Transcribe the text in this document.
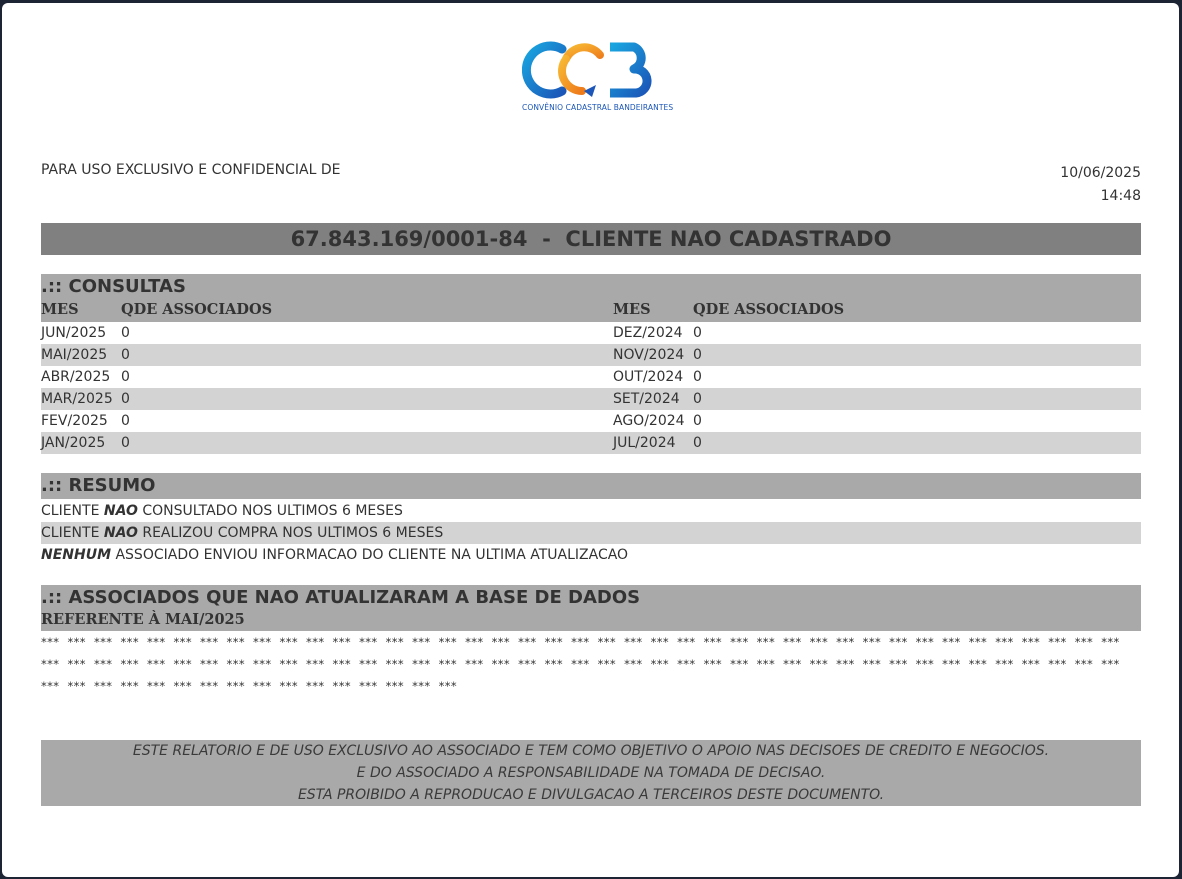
CONVÊNIO CADASTRAL BANDEIRANTES
PARA USO EXCLUSIVO E CONFIDENCIAL DE	10/06/2025
14:48
67.843.169/0001-84  -  CLIENTE NAO CADASTRADO
.:: CONSULTAS
MES	QDE ASSOCIADOS	MES	QDE ASSOCIADOS
JUN/2025 0	DEZ/2024 0
MAI/2025 0	NOV/2024 0
ABR/2025 0	OUT/2024 0
MAR/2025 0	SET/2024 0
FEV/2025 0	AGO/2024 0
JAN/2025 0	JUL/2024 0
.:: RESUMO
CLIENTE NAO CONSULTADO NOS ULTIMOS 6 MESES
CLIENTE NAO REALIZOU COMPRA NOS ULTIMOS 6 MESES
NENHUM ASSOCIADO ENVIOU INFORMACAO DO CLIENTE NA ULTIMA ATUALIZACAO
.:: ASSOCIADOS QUE NAO ATUALIZARAM A BASE DE DADOS
REFERENTE À MAI/2025
*** *** *** *** *** *** *** *** *** *** *** *** *** *** *** *** *** *** *** *** *** *** *** *** *** *** *** *** *** *** *** *** *** *** *** *** *** *** *** *** *** *** *** *** *** *** *** *** *** *** *** *** *** *** *** *** *** *** *** *** *** *** *** *** *** *** *** *** *** *** *** *** *** *** *** *** *** *** *** *** *** *** *** *** *** *** *** *** *** *** *** *** *** *** *** *** *** ***
ESTE RELATORIO E DE USO EXCLUSIVO AO ASSOCIADO E TEM COMO OBJETIVO O APOIO NAS DECISOES DE CREDITO E NEGOCIOS.
E DO ASSOCIADO A RESPONSABILIDADE NA TOMADA DE DECISAO.
ESTA PROIBIDO A REPRODUCAO E DIVULGACAO A TERCEIROS DESTE DOCUMENTO.
